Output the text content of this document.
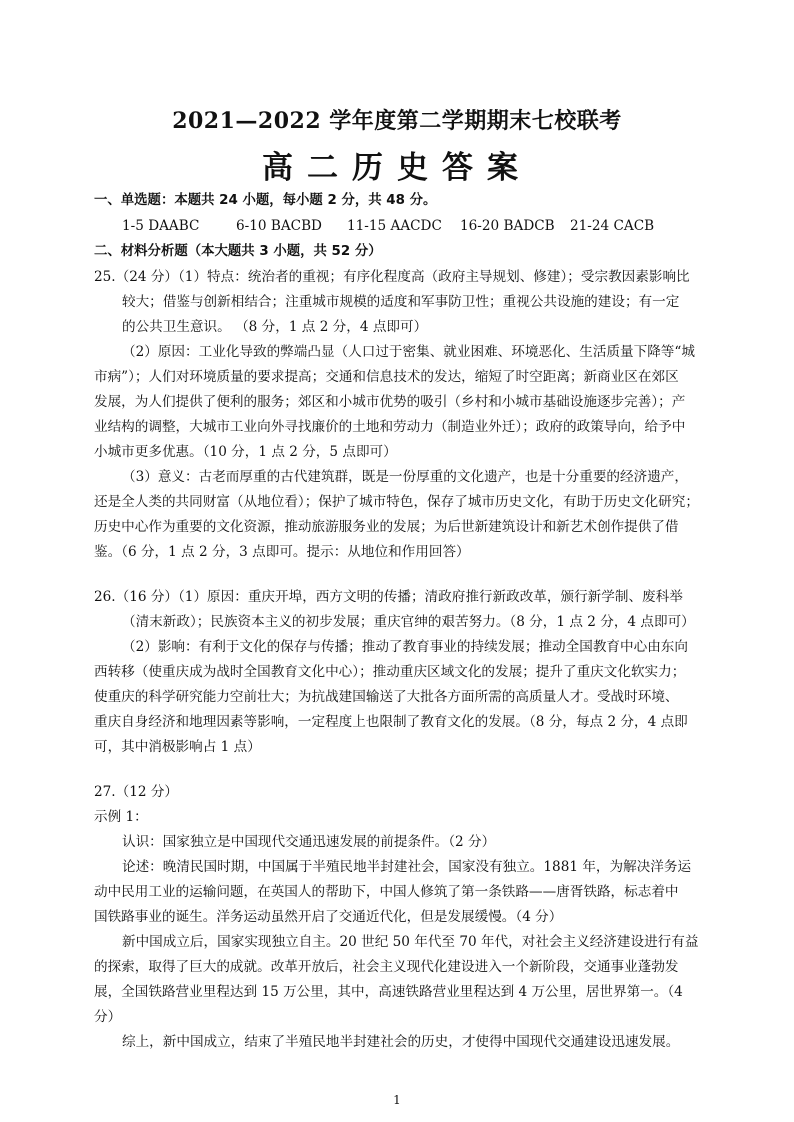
2021—2022 学年度第二学期期末七校联考
高二历史答案
一、单选题：本题共 24 小题，每小题 2 分，共 48 分。
1-5 DAABC	6-10 BACBD 11-15 AACDC 16-20 BADCB 21-24 CACB
二、材料分析题（本大题共 3 小题，共 52 分）
25.（24 分）（1）特点：统治者的重视；有序化程度高（政府主导规划、修建）；受宗教因素影响比
较大；借鉴与创新相结合；注重城市规模的适度和军事防卫性；重视公共设施的建设；有一定
的公共卫生意识。 （8 分，1 点 2 分，4 点即可）
（2）原因：工业化导致的弊端凸显（人口过于密集、就业困难、环境恶化、生活质量下降等“城
市病”）；人们对环境质量的要求提高；交通和信息技术的发达，缩短了时空距离；新商业区在郊区
发展，为人们提供了便利的服务；郊区和小城市优势的吸引（乡村和小城市基础设施逐步完善）；产
业结构的调整，大城市工业向外寻找廉价的土地和劳动力（制造业外迁）；政府的政策导向，给予中
小城市更多优惠。（10 分，1 点 2 分，5 点即可）
（3）意义：古老而厚重的古代建筑群，既是一份厚重的文化遗产，也是十分重要的经济遗产，
还是全人类的共同财富（从地位看）；保护了城市特色，保存了城市历史文化，有助于历史文化研究；
历史中心作为重要的文化资源，推动旅游服务业的发展；为后世新建筑设计和新艺术创作提供了借
鉴。（6 分，1 点 2 分，3 点即可。提示：从地位和作用回答）
26.（16 分）（1）原因：重庆开埠，西方文明的传播；清政府推行新政改革，颁行新学制、废科举
（清末新政）；民族资本主义的初步发展；重庆官绅的艰苦努力。（8 分，1 点 2 分，4 点即可）
（2）影响：有利于文化的保存与传播；推动了教育事业的持续发展；推动全国教育中心由东向
西转移（使重庆成为战时全国教育文化中心）；推动重庆区域文化的发展；提升了重庆文化软实力；
使重庆的科学研究能力空前壮大；为抗战建国输送了大批各方面所需的高质量人才。受战时环境、
重庆自身经济和地理因素等影响，一定程度上也限制了教育文化的发展。（8 分，每点 2 分，4 点即
可，其中消极影响占 1 点）
27.（12 分）
示例 1：
认识：国家独立是中国现代交通迅速发展的前提条件。（2 分）
论述：晚清民国时期，中国属于半殖民地半封建社会，国家没有独立。1881 年，为解决洋务运
动中民用工业的运输问题，在英国人的帮助下，中国人修筑了第一条铁路——唐胥铁路，标志着中
国铁路事业的诞生。洋务运动虽然开启了交通近代化，但是发展缓慢。（4 分）
新中国成立后，国家实现独立自主。20 世纪 50 年代至 70 年代，对社会主义经济建设进行有益
的探索，取得了巨大的成就。改革开放后，社会主义现代化建设进入一个新阶段，交通事业蓬勃发
展，全国铁路营业里程达到 15 万公里，其中，高速铁路营业里程达到 4 万公里，居世界第一。（4
分）
综上，新中国成立，结束了半殖民地半封建社会的历史，才使得中国现代交通建设迅速发展。
1
